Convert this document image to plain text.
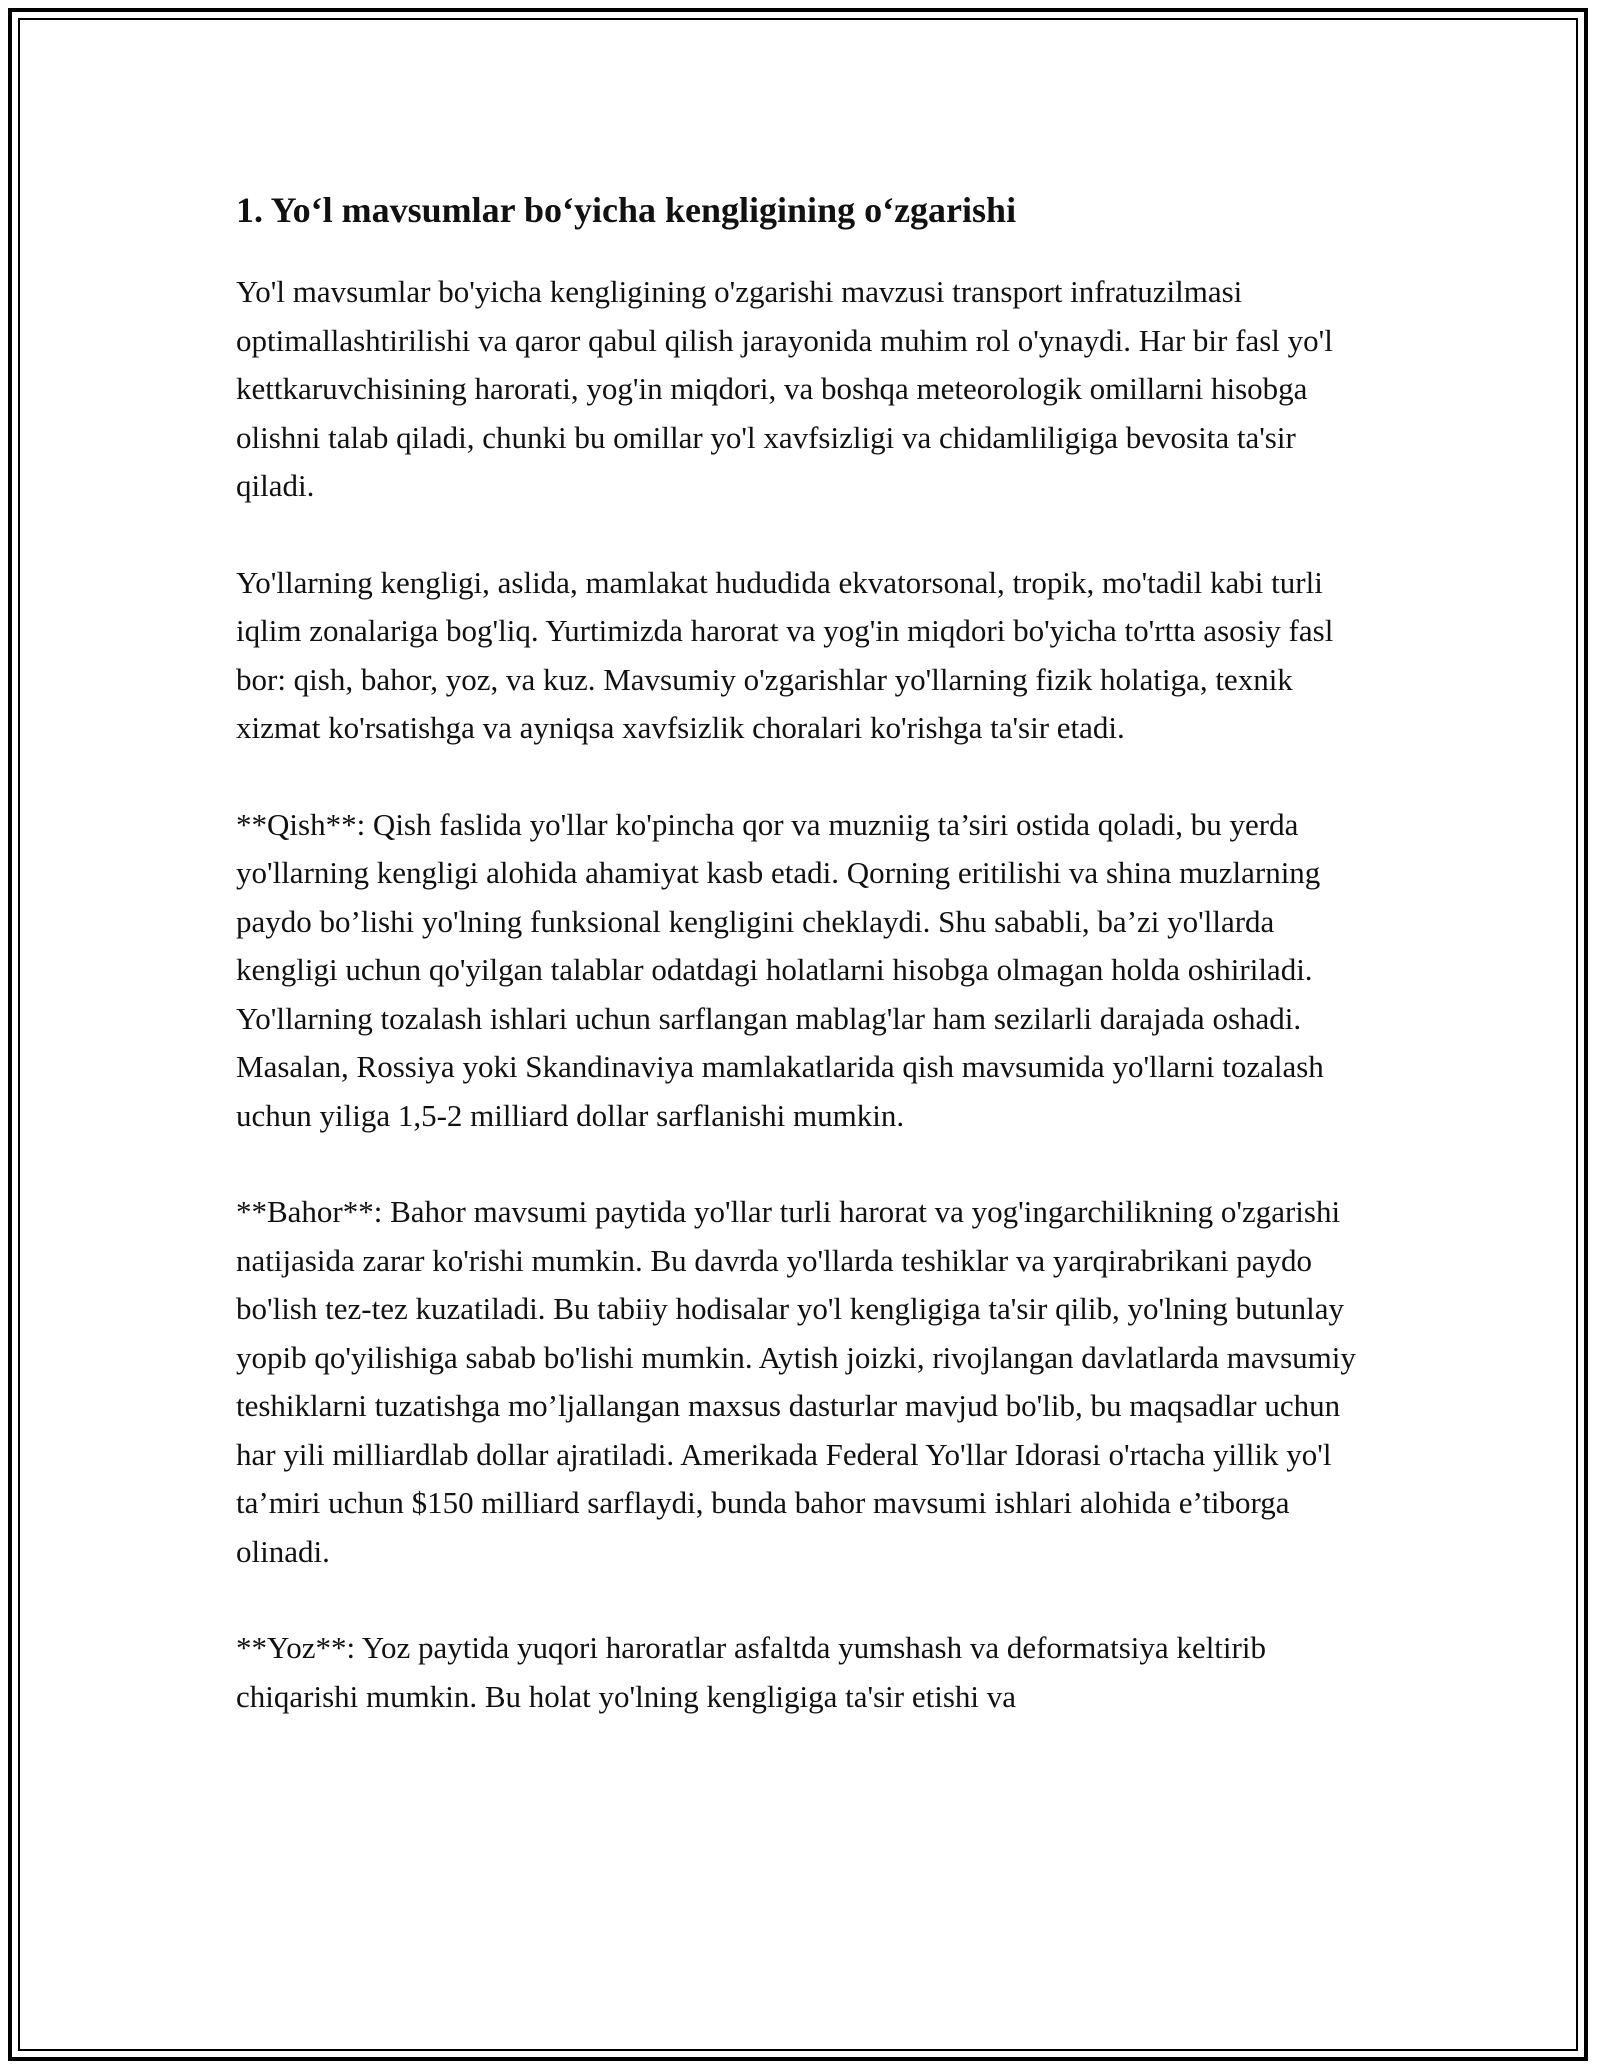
1. Yo‘l mavsumlar bo‘yicha kengligining o‘zgarishi

Yo'l mavsumlar bo'yicha kengligining o'zgarishi mavzusi transport infratuzilmasi optimallashtirilishi va qaror qabul qilish jarayonida muhim rol o'ynaydi. Har bir fasl yo'l kettkaruvchisining harorati, yog'in miqdori, va boshqa meteorologik omillarni hisobga olishni talab qiladi, chunki bu omillar yo'l xavfsizligi va chidamliligiga bevosita ta'sir qiladi.

Yo'llarning kengligi, aslida, mamlakat hududida ekvatorsonal, tropik, mo'tadil kabi turli iqlim zonalariga bog'liq. Yurtimizda harorat va yog'in miqdori bo'yicha to'rtta asosiy fasl bor: qish, bahor, yoz, va kuz. Mavsumiy o'zgarishlar yo'llarning fizik holatiga, texnik xizmat ko'rsatishga va ayniqsa xavfsizlik choralari ko'rishga ta'sir etadi.

**Qish**: Qish faslida yo'llar ko'pincha qor va muzniig ta’siri ostida qoladi, bu yerda yo'llarning kengligi alohida ahamiyat kasb etadi. Qorning eritilishi va shina muzlarning paydo bo’lishi yo'lning funksional kengligini cheklaydi. Shu sababli, ba’zi yo'llarda kengligi uchun qo'yilgan talablar odatdagi holatlarni hisobga olmagan holda oshiriladi. Yo'llarning tozalash ishlari uchun sarflangan mablag'lar ham sezilarli darajada oshadi. Masalan, Rossiya yoki Skandinaviya mamlakatlarida qish mavsumida yo'llarni tozalash uchun yiliga 1,5-2 milliard dollar sarflanishi mumkin.

**Bahor**: Bahor mavsumi paytida yo'llar turli harorat va yog'ingarchilikning o'zgarishi natijasida zarar ko'rishi mumkin. Bu davrda yo'llarda teshiklar va yarqirabrikani paydo bo'lish tez-tez kuzatiladi. Bu tabiiy hodisalar yo'l kengligiga ta'sir qilib, yo'lning butunlay yopib qo'yilishiga sabab bo'lishi mumkin. Aytish joizki, rivojlangan davlatlarda mavsumiy teshiklarni tuzatishga mo’ljallangan maxsus dasturlar mavjud bo'lib, bu maqsadlar uchun har yili milliardlab dollar ajratiladi. Amerikada Federal Yo'llar Idorasi o'rtacha yillik yo'l ta’miri uchun $150 milliard sarflaydi, bunda bahor mavsumi ishlari alohida e’tiborga olinadi.

**Yoz**: Yoz paytida yuqori haroratlar asfaltda yumshash va deformatsiya keltirib chiqarishi mumkin. Bu holat yo'lning kengligiga ta'sir etishi va
